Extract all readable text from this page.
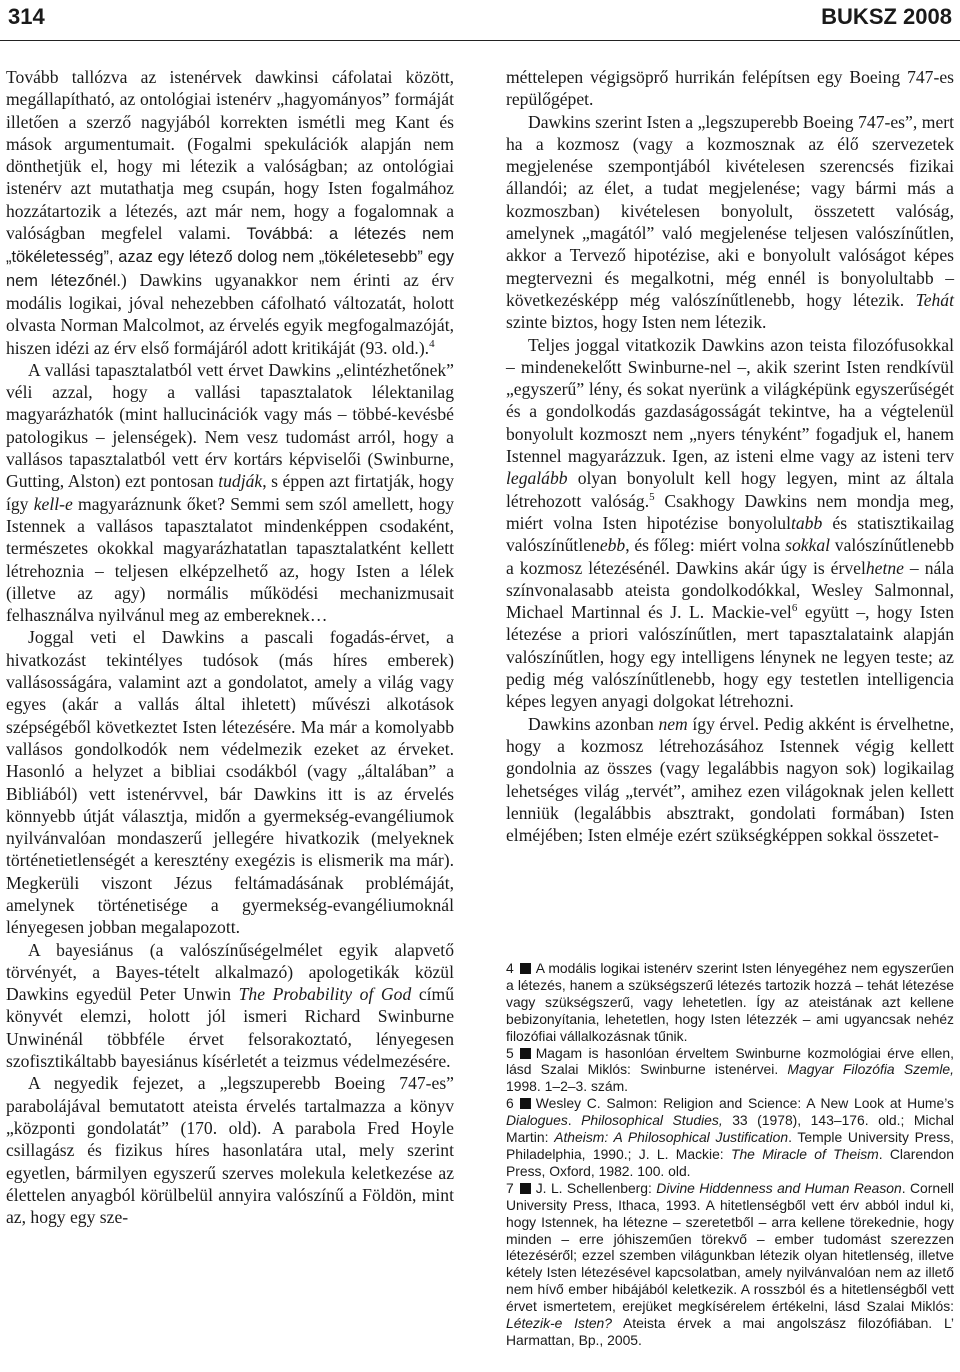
314	BUKSZ 2008

Tovább tallózva az istenérvek dawkinsi cáfolatai között, megállapítható, az ontológiai istenérv „hagyományos” formáját illetően a szerző nagyjából korrekten ismétli meg Kant és mások argumentumait. (Fogalmi spekulációk alapján nem dönthetjük el, hogy mi létezik a valóságban; az ontológiai istenérv azt mutathatja meg csupán, hogy Isten fogalmához hozzátartozik a létezés, azt már nem, hogy a fogalomnak a valóságban megfelel valami. Továbbá: a létezés nem „tökéletesség”, azaz egy létező dolog nem „tökéletesebb” egy nem létezőnél.) Dawkins ugyanakkor nem érinti az érv modális logikai, jóval nehezebben cáfolható változatát, holott olvasta Norman Malcolmot, az érvelés egyik megfogalmazóját, hiszen idézi az érv első formájáról adott kritikáját (93. old.).$^4$

A vallási tapasztalatból vett érvet Dawkins „elintézhetőnek” véli azzal, hogy a vallási tapasztalatok lélektanilag magyarázhatók (mint hallucinációk vagy más – többé-kevésbé patologikus – jelenségek). Nem vesz tudomást arról, hogy a vallásos tapasztalatból vett érv kortárs képviselői (Swinburne, Gutting, Alston) ezt pontosan tudják, s éppen azt firtatják, hogy így kell-e magyaráznunk őket? Semmi sem szól amellett, hogy Istennek a vallásos tapasztalatot mindenképpen csodaként, természetes okokkal magyarázhatatlan tapasztalatként kellett létrehoznia – teljesen elképzelhető az, hogy Isten a lélek (illetve az agy) normális működési mechanizmusait felhasználva nyilvánul meg az embereknek…

Joggal veti el Dawkins a pascali fogadás-érvet, a hivatkozást tekintélyes tudósok (más híres emberek) vallásosságára, valamint azt a gondolatot, amely a világ vagy egyes (akár a vallás által ihletett) művészi alkotások szépségéből következtet Isten létezésére. Ma már a komolyabb vallásos gondolkodók nem védelmezik ezeket az érveket. Hasonló a helyzet a bibliai csodákból (vagy „általában” a Bibliából) vett istenérvvel, bár Dawkins itt is az érvelés könnyebb útját választja, midőn a gyermekség-evangéliumok nyilvánvalóan mondaszerű jellegére hivatkozik (melyeknek történetietlenségét a keresztény exegézis is elismerik ma már). Megkerüli viszont Jézus feltámadásának problémáját, amelynek történetisége a gyermekség-evangéliumoknál lényegesen jobban megalapozott.

A bayesiánus (a valószínűségelmélet egyik alapvető törvényét, a Bayes-tételt alkalmazó) apologetikák közül Dawkins egyedül Peter Unwin The Probability of God című könyvét elemzi, holott jól ismeri Richard Swinburne Unwinénál többféle érvet felsorakoztató, lényegesen szofisztikáltabb bayesiánus kísérletét a teizmus védelmezésére.

A negyedik fejezet, a „legszuperebb Boeing 747-es” parabolájával bemutatott ateista érvelés tartalmazza a könyv „központi gondolatát” (170. old). A parabola Fred Hoyle csillagász és fizikus híres hasonlatára utal, mely szerint egyetlen, bármilyen egyszerű szerves molekula keletkezése az élettelen anyagból körülbelül annyira valószínű a Földön, mint az, hogy egy sze-

méttelepen végigsöprő hurrikán felépítsen egy Boeing 747-es repülőgépet.

Dawkins szerint Isten a „legszuperebb Boeing 747-es”, mert ha a kozmosz (vagy a kozmosznak az élő szervezetek megjelenése szempontjából kivételesen szerencsés fizikai állandói; az élet, a tudat megjelenése; vagy bármi más a kozmoszban) kivételesen bonyolult, összetett valóság, amelynek „magától” való megjelenése teljesen valószínűtlen, akkor a Tervező hipotézise, aki e bonyolult valóságot képes megtervezni és megalkotni, még ennél is bonyolultabb – következésképp még valószínűtlenebb, hogy létezik. Tehát szinte biztos, hogy Isten nem létezik.

Teljes joggal vitatkozik Dawkins azon teista filozófusokkal – mindenekelőtt Swinburne-nel –, akik szerint Isten rendkívül „egyszerű” lény, és sokat nyerünk a világképünk egyszerűségét és a gondolkodás gazdaságosságát tekintve, ha a végtelenül bonyolult kozmoszt nem „nyers tényként” fogadjuk el, hanem Istennel magyarázzuk. Igen, az isteni elme vagy az isteni terv legalább olyan bonyolult kell hogy legyen, mint az általa létrehozott valóság.$^5$ Csakhogy Dawkins nem mondja meg, miért volna Isten hipotézise bonyolultabb és statisztikailag valószínűtlenebb, és főleg: miért volna sokkal valószínűtlenebb a kozmosz létezésénél. Dawkins akár úgy is érvelhetne – nála színvonalasabb ateista gondolkodókkal, Wesley Salmonnal, Michael Martinnal és J. L. Mackie-vel$^6$ együtt –, hogy Isten létezése a priori valószínűtlen, mert tapasztalataink alapján valószínűtlen, hogy egy intelligens lénynek ne legyen teste; az pedig még valószínűtlenebb, hogy egy testetlen intelligencia képes legyen anyagi dolgokat létrehozni.

Dawkins azonban nem így érvel. Pedig akként is érvelhetne, hogy a kozmosz létrehozásához Istennek végig kellett gondolnia az összes (vagy legalábbis nagyon sok) logikailag lehetséges világ „tervét”, amihez ezen világoknak jelen kellett lenniük (legalábbis absztrakt, gondolati formában) Isten elméjében; Isten elméje ezért szükségképpen sokkal összetet-

4 A modális logikai istenérv szerint Isten lényegéhez nem egyszerűen a létezés, hanem a szükségszerű létezés tartozik hozzá – tehát létezése vagy szükségszerű, vagy lehetetlen. Így az ateistának azt kellene bebizonyítania, lehetetlen, hogy Isten létezzék – ami ugyancsak nehéz filozófiai vállalkozásnak tűnik.

5 Magam is hasonlóan érveltem Swinburne kozmológiai érve ellen, lásd Szalai Miklós: Swinburne istenérvei. Magyar Filozófia Szemle, 1998. 1–2–3. szám.

6 Wesley C. Salmon: Religion and Science: A New Look at Hume’s Dialogues. Philosophical Studies, 33 (1978), 143–176. old.; Michal Martin: Atheism: A Philosophical Justification. Temple University Press, Philadelphia, 1990.; J. L. Mackie: The Miracle of Theism. Clarendon Press, Oxford, 1982. 100. old.

7 J. L. Schellenberg: Divine Hiddenness and Human Reason. Cornell University Press, Ithaca, 1993. A hitetlenségből vett érv abból indul ki, hogy Istennek, ha létezne – szeretetből – arra kellene törekednie, hogy minden – erre jóhiszeműen törekvő – ember tudomást szerezzen létezéséről; ezzel szemben világunkban létezik olyan hitetlenség, illetve kétely Isten létezésével kapcsolatban, amely nyilvánvalóan nem az illető nem hívő ember hibájából keletkezik. A rosszból és a hitetlenségből vett érvet ismertetem, erejüket megkísérelem értékelni, lásd Szalai Miklós: Létezik-e Isten? Ateista érvek a mai angolszász filozófiában. L’ Harmattan, Bp., 2005.
